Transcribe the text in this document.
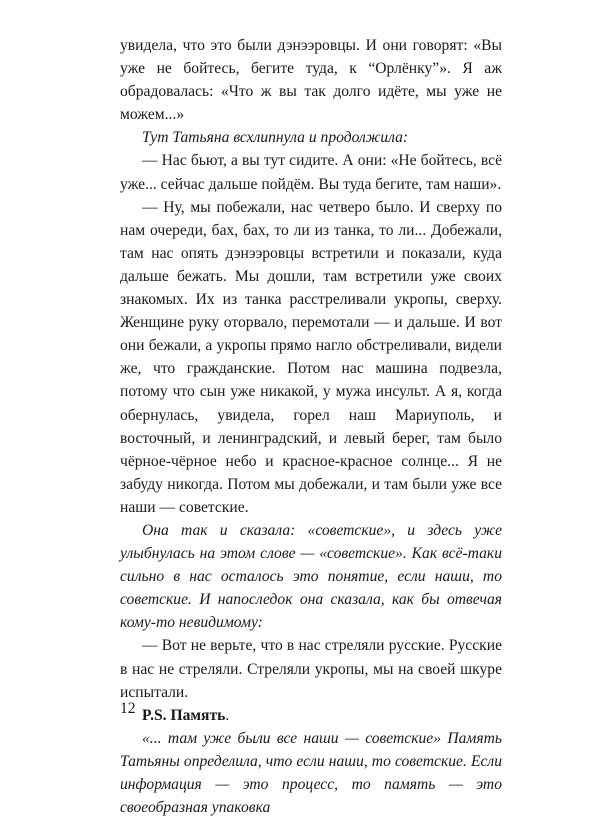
увидела, что это были дэнээровцы. И они говорят: «Вы уже не бойтесь, бегите туда, к “Орлёнку”». Я аж обрадовалась: «Что ж вы так долго идёте, мы уже не можем...»

Тут Татьяна всхлипнула и продолжила:

— Нас бьют, а вы тут сидите. А они: «Не бойтесь, всё уже... сейчас дальше пойдём. Вы туда бегите, там наши».

— Ну, мы побежали, нас четверо было. И сверху по нам очереди, бах, бах, то ли из танка, то ли... Добежали, там нас опять дэнээровцы встретили и показали, куда дальше бежать. Мы дошли, там встретили уже своих знакомых. Их из танка расстреливали укропы, сверху. Женщине руку оторвало, перемотали — и дальше. И вот они бежали, а укропы прямо нагло обстреливали, видели же, что гражданские. Потом нас машина подвезла, потому что сын уже никакой, у мужа инсульт. А я, когда обернулась, увидела, горел наш Мариуполь, и восточный, и ленинградский, и левый берег, там было чёрное-чёрное небо и красное-красное солнце... Я не забуду никогда. Потом мы добежали, и там были уже все наши — советские.

Она так и сказала: «советские», и здесь уже улыбнулась на этом слове — «советские». Как всё-таки сильно в нас осталось это понятие, если наши, то советские. И напоследок она сказала, как бы отвечая кому-то невидимому:

— Вот не верьте, что в нас стреляли русские. Русские в нас не стреляли. Стреляли укропы, мы на своей шкуре испытали.

P.S. Память.

«... там уже были все наши — советские» Память Татьяны определила, что если наши, то советские. Если информация — это процесс, то память — это своеобразная упаковка

12
